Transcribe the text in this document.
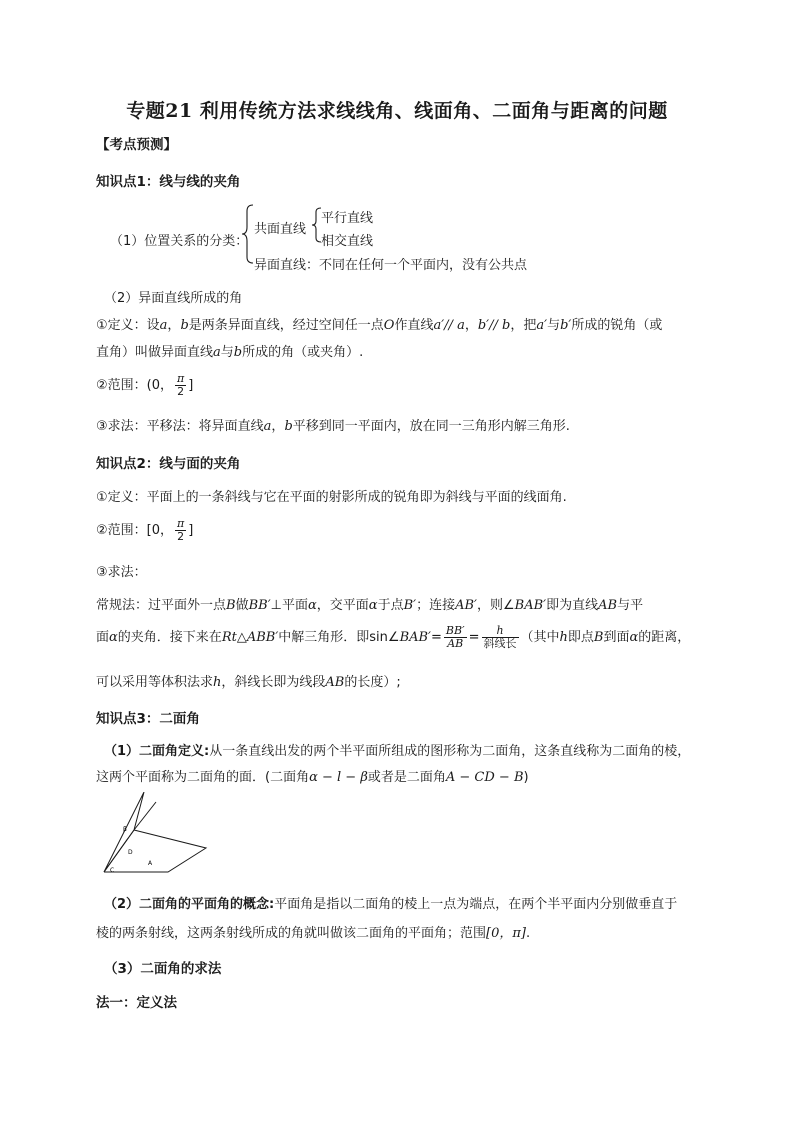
专题21 利用传统方法求线线角、线面角、二面角与距离的问题
【考点预测】
知识点1：线与线的夹角
（1）位置关系的分类：
共面直线
平行直线
相交直线
异面直线：不同在任何一个平面内，没有公共点
（2）异面直线所成的角
①定义：设a，b是两条异面直线，经过空间任一点O作直线a′// a，b′// b，把a′与b′所成的锐角（或
直角）叫做异面直线a与b所成的角（或夹角）.
②范围：(0， $\frac{\pi}{2}$ ]
③求法：平移法：将异面直线a，b平移到同一平面内，放在同一三角形内解三角形.
知识点2：线与面的夹角
①定义：平面上的一条斜线与它在平面的射影所成的锐角即为斜线与平面的线面角.
②范围：[0， $\frac{\pi}{2}$ ]
③求法：
常规法：过平面外一点B做BB′⊥平面α，交平面α于点B′；连接AB′，则∠BAB′即为直线AB与平
面α的夹角．接下来在Rt△ABB′中解三角形．即sin∠BAB′= $\frac{BB'}{AB} = \frac{h}{\text{斜线长}}$ （其中h即点B到面α的距离，
可以采用等体积法求h，斜线长即为线段AB的长度）;
知识点3：二面角
（1）二面角定义:从一条直线出发的两个半平面所组成的图形称为二面角，这条直线称为二面角的棱，
这两个平面称为二面角的面．(二面角α − l − β或者是二面角A − CD − B)
β
D
A
C
（2）二面角的平面角的概念:平面角是指以二面角的棱上一点为端点，在两个半平面内分别做垂直于
棱的两条射线，这两条射线所成的角就叫做该二面角的平面角；范围[0，π].
（3）二面角的求法
法一：定义法
